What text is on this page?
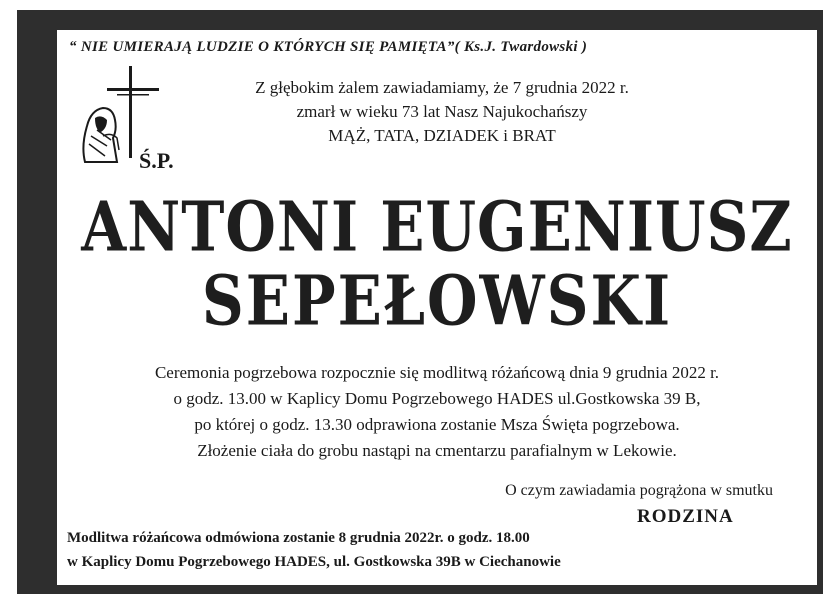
“ NIE UMIERAJĄ LUDZIE O KTÓRYCH SIĘ PAMIĘTA”( Ks.J. Twardowski )
Ś.P.
Z głębokim żalem zawiadamiamy, że 7 grudnia 2022 r.
zmarł w wieku 73 lat Nasz Najukochańszy
MĄŻ, TATA, DZIADEK i BRAT
ANTONI EUGENIUSZ
SEPEŁOWSKI
Ceremonia pogrzebowa rozpocznie się modlitwą różańcową dnia 9 grudnia 2022 r.
o godz. 13.00 w Kaplicy Domu Pogrzebowego HADES ul.Gostkowska 39 B,
po której o godz. 13.30 odprawiona zostanie Msza Święta pogrzebowa.
Złożenie ciała do grobu nastąpi na cmentarzu parafialnym w Lekowie.
O czym zawiadamia pogrążona w smutku
RODZINA
Modlitwa różańcowa odmówiona zostanie 8 grudnia 2022r. o godz. 18.00
w Kaplicy Domu Pogrzebowego HADES, ul. Gostkowska 39B w Ciechanowie
